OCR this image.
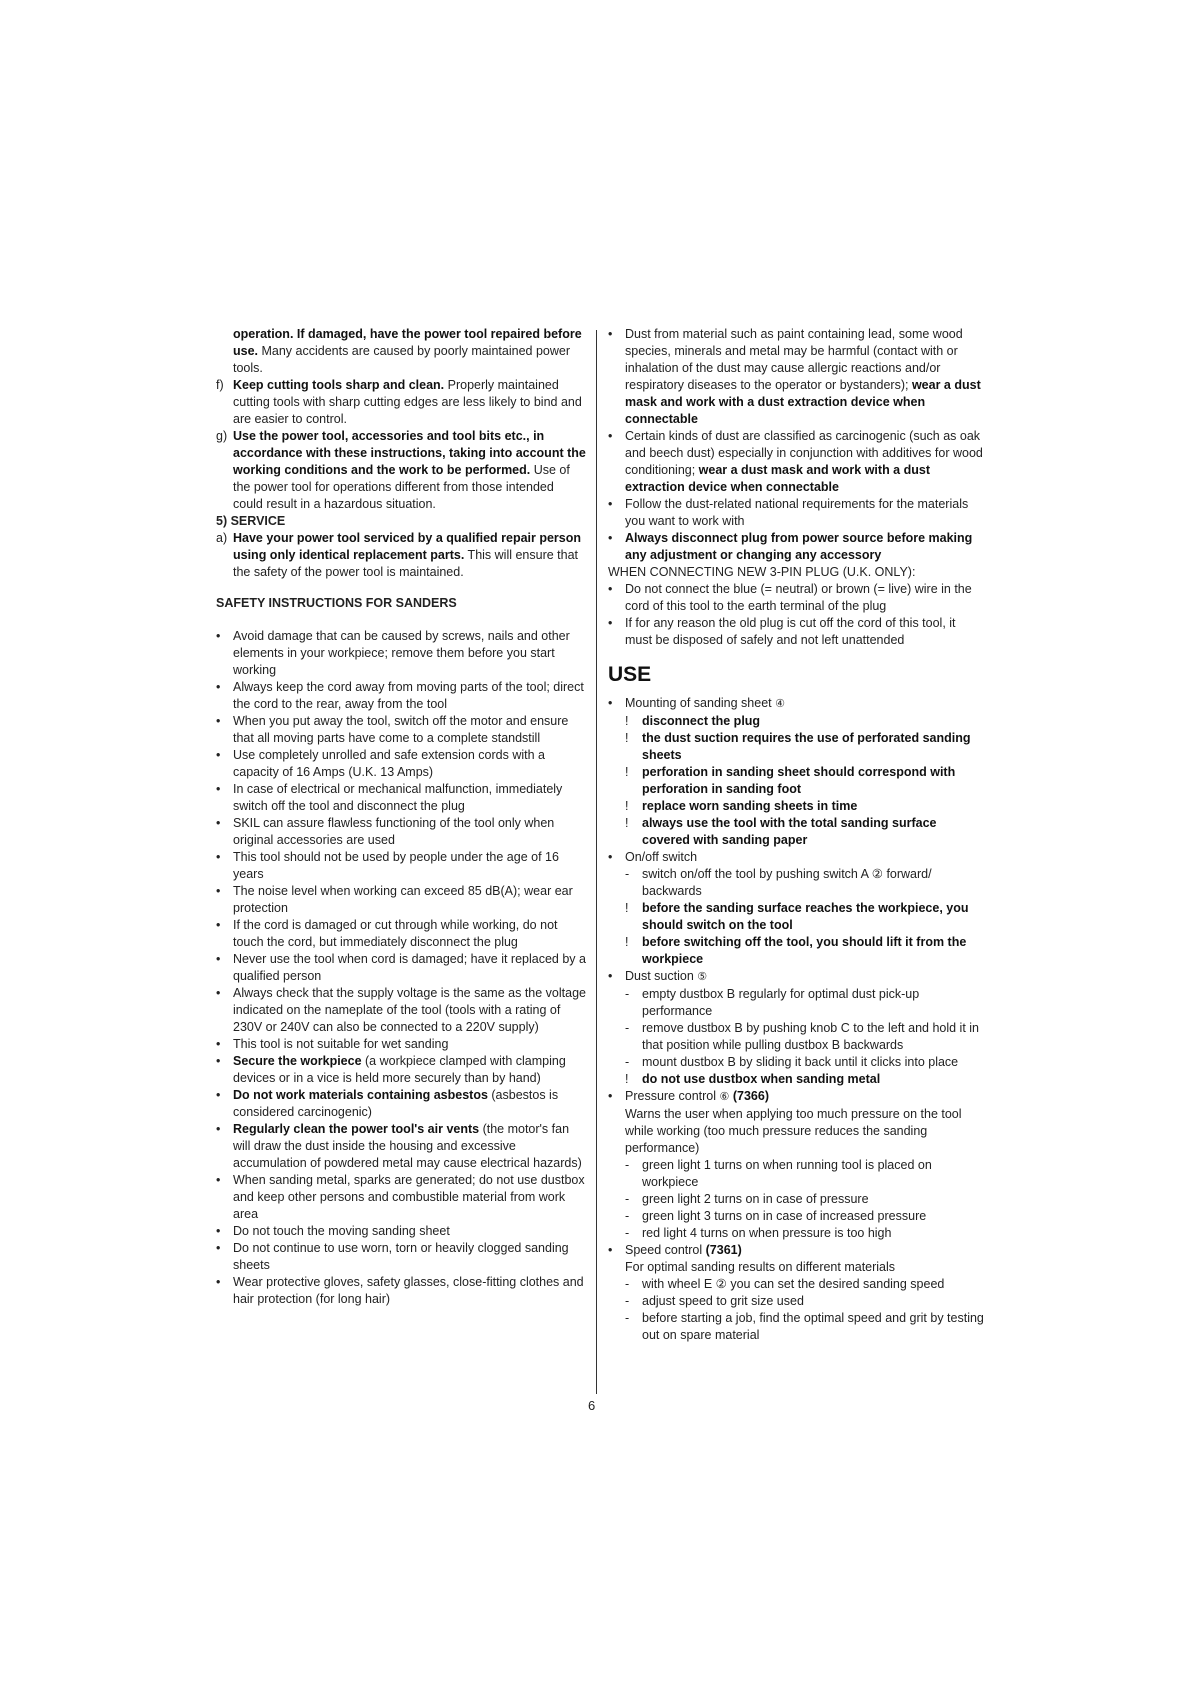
operation. If damaged, have the power tool repaired before use. Many accidents are caused by poorly maintained power tools.
f) Keep cutting tools sharp and clean. Properly maintained cutting tools with sharp cutting edges are less likely to bind and are easier to control.
g) Use the power tool, accessories and tool bits etc., in accordance with these instructions, taking into account the working conditions and the work to be performed. Use of the power tool for operations different from those intended could result in a hazardous situation.

5) SERVICE

a) Have your power tool serviced by a qualified repair person using only identical replacement parts. This will ensure that the safety of the power tool is maintained.

SAFETY INSTRUCTIONS FOR SANDERS

• Avoid damage that can be caused by screws, nails and other elements in your workpiece; remove them before you start working
• Always keep the cord away from moving parts of the tool; direct the cord to the rear, away from the tool
• When you put away the tool, switch off the motor and ensure that all moving parts have come to a complete standstill
• Use completely unrolled and safe extension cords with a capacity of 16 Amps (U.K. 13 Amps)
• In case of electrical or mechanical malfunction, immediately switch off the tool and disconnect the plug
• SKIL can assure flawless functioning of the tool only when original accessories are used
• This tool should not be used by people under the age of 16 years
• The noise level when working can exceed 85 dB(A); wear ear protection
• If the cord is damaged or cut through while working, do not touch the cord, but immediately disconnect the plug
• Never use the tool when cord is damaged; have it replaced by a qualified person
• Always check that the supply voltage is the same as the voltage indicated on the nameplate of the tool (tools with a rating of 230V or 240V can also be connected to a 220V supply)
• This tool is not suitable for wet sanding
• Secure the workpiece (a workpiece clamped with clamping devices or in a vice is held more securely than by hand)
• Do not work materials containing asbestos (asbestos is considered carcinogenic)
• Regularly clean the power tool's air vents (the motor's fan will draw the dust inside the housing and excessive accumulation of powdered metal may cause electrical hazards)
• When sanding metal, sparks are generated; do not use dustbox and keep other persons and combustible material from work area
• Do not touch the moving sanding sheet
• Do not continue to use worn, torn or heavily clogged sanding sheets
• Wear protective gloves, safety glasses, close-fitting clothes and hair protection (for long hair)
• Dust from material such as paint containing lead, some wood species, minerals and metal may be harmful (contact with or inhalation of the dust may cause allergic reactions and/or respiratory diseases to the operator or bystanders); wear a dust mask and work with a dust extraction device when connectable
• Certain kinds of dust are classified as carcinogenic (such as oak and beech dust) especially in conjunction with additives for wood conditioning; wear a dust mask and work with a dust extraction device when connectable
• Follow the dust-related national requirements for the materials you want to work with
• Always disconnect plug from power source before making any adjustment or changing any accessory

WHEN CONNECTING NEW 3-PIN PLUG (U.K. ONLY):

• Do not connect the blue (= neutral) or brown (= live) wire in the cord of this tool to the earth terminal of the plug
• If for any reason the old plug is cut off the cord of this tool, it must be disposed of safely and not left unattended
USE
• Mounting of sanding sheet ④
! disconnect the plug
! the dust suction requires the use of perforated sanding sheets
! perforation in sanding sheet should correspond with perforation in sanding foot
! replace worn sanding sheets in time
! always use the tool with the total sanding surface covered with sanding paper
• On/off switch
- switch on/off the tool by pushing switch A ② forward/ backwards
! before the sanding surface reaches the workpiece, you should switch on the tool
! before switching off the tool, you should lift it from the workpiece
• Dust suction ⑤
- empty dustbox B regularly for optimal dust pick-up performance
- remove dustbox B by pushing knob C to the left and hold it in that position while pulling dustbox B backwards
- mount dustbox B by sliding it back until it clicks into place
! do not use dustbox when sanding metal
• Pressure control ⑥ (7366)

Warns the user when applying too much pressure on the tool while working (too much pressure reduces the sanding performance)

- green light 1 turns on when running tool is placed on workpiece
- green light 2 turns on in case of pressure
- green light 3 turns on in case of increased pressure
- red light 4 turns on when pressure is too high
• Speed control (7361)

For optimal sanding results on different materials

- with wheel E ② you can set the desired sanding speed
- adjust speed to grit size used
- before starting a job, find the optimal speed and grit by testing out on spare material
6
